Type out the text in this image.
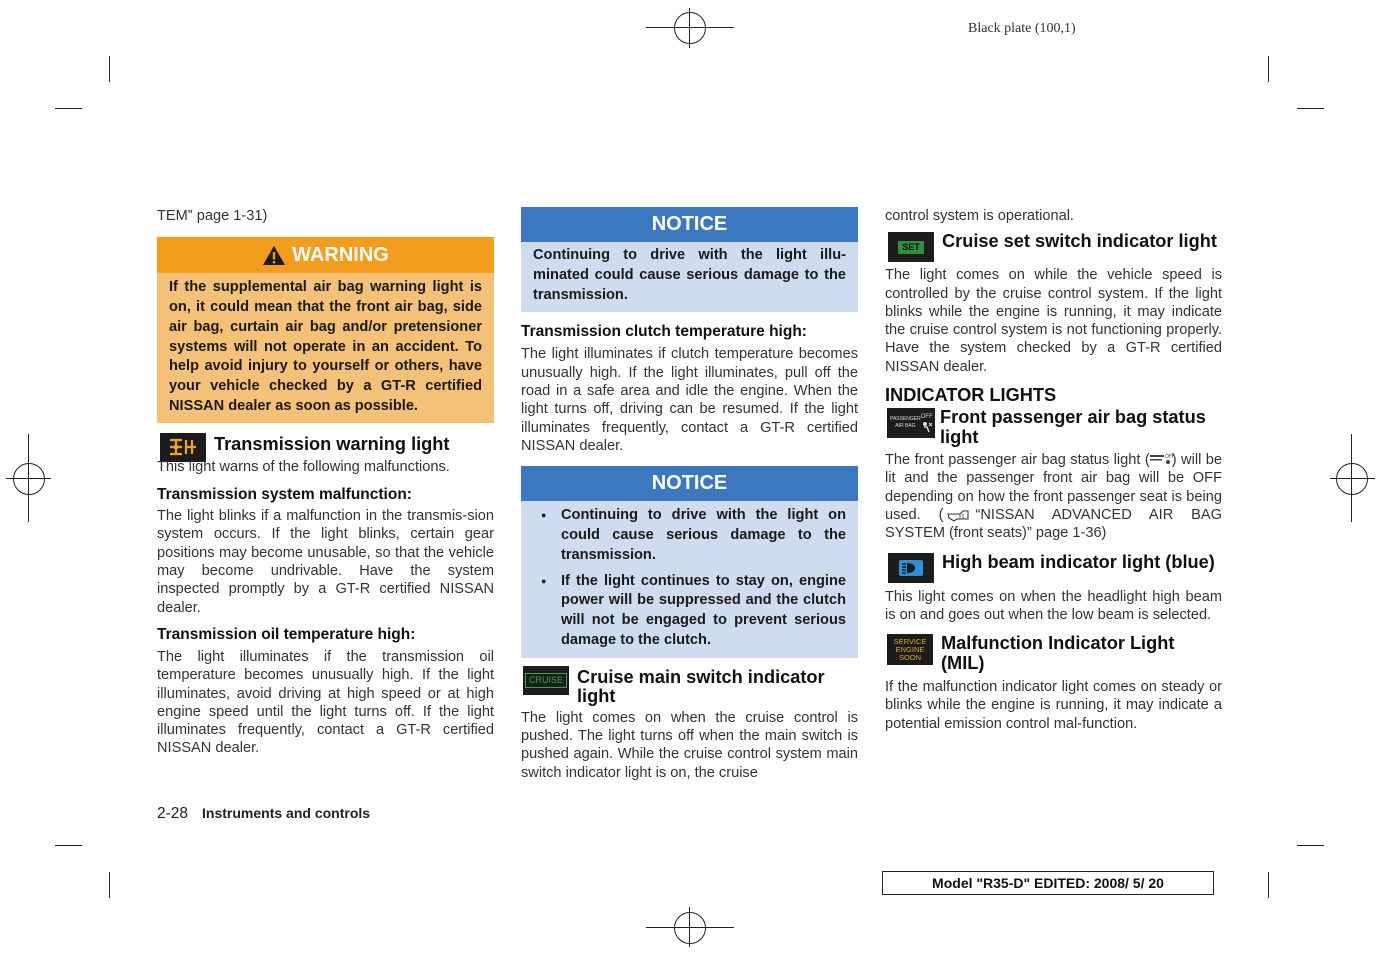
Black plate (100,1)

TEM” page 1-31)

WARNING
If the supplemental air bag warning light is on, it could mean that the front air bag, side air bag, curtain air bag and/or pretensioner systems will not operate in an accident. To help avoid injury to yourself or others, have your vehicle checked by a GT-R certified NISSAN dealer as soon as possible.
Transmission warning light

This light warns of the following malfunctions.

Transmission system malfunction:

The light blinks if a malfunction in the transmis-sion system occurs. If the light blinks, certain gear positions may become unusable, so that the vehicle may become undrivable. Have the system inspected promptly by a GT-R certified NISSAN dealer.

Transmission oil temperature high:

The light illuminates if the transmission oil temperature becomes unusually high. If the light illuminates, avoid driving at high speed or at high engine speed until the light turns off. If the light illuminates frequently, contact a GT-R certified NISSAN dealer.

NOTICE
Continuing to drive with the light illu-minated could cause serious damage to the transmission.

Transmission clutch temperature high:

The light illuminates if clutch temperature becomes unusually high. If the light illuminates, pull off the road in a safe area and idle the engine. When the light turns off, driving can be resumed. If the light illuminates frequently, contact a GT-R certified NISSAN dealer.

NOTICE
● Continuing to drive with the light on could cause serious damage to the transmission.
● If the light continues to stay on, engine power will be suppressed and the clutch will not be engaged to prevent serious damage to the clutch.
CRUISE Cruise main switch indicator light

The light comes on when the cruise control is pushed. The light turns off when the main switch is pushed again. While the cruise control system main switch indicator light is on, the cruise

control system is operational.

SET Cruise set switch indicator light

The light comes on while the vehicle speed is controlled by the cruise control system. If the light blinks while the engine is running, it may indicate the cruise control system is not functioning properly. Have the system checked by a GT-R certified NISSAN dealer.

INDICATOR LIGHTS

PASSENGER
AIR BAG
OFF Front passenger air bag status light

The front passenger air bag status light (	OFF
) will be lit and the passenger front air bag will be OFF depending on how the front passenger seat is being used. ( “NISSAN ADVANCED AIR BAG SYSTEM (front seats)” page 1-36)

High beam indicator light (blue)

This light comes on when the headlight high beam is on and goes out when the low beam is selected.

SERVICE
ENGINE
SOON
Malfunction Indicator Light (MIL)

If the malfunction indicator light comes on steady or blinks while the engine is running, it may indicate a potential emission control mal-function.

2-28 Instruments and controls
Model "R35-D" EDITED: 2008/ 5/ 20
